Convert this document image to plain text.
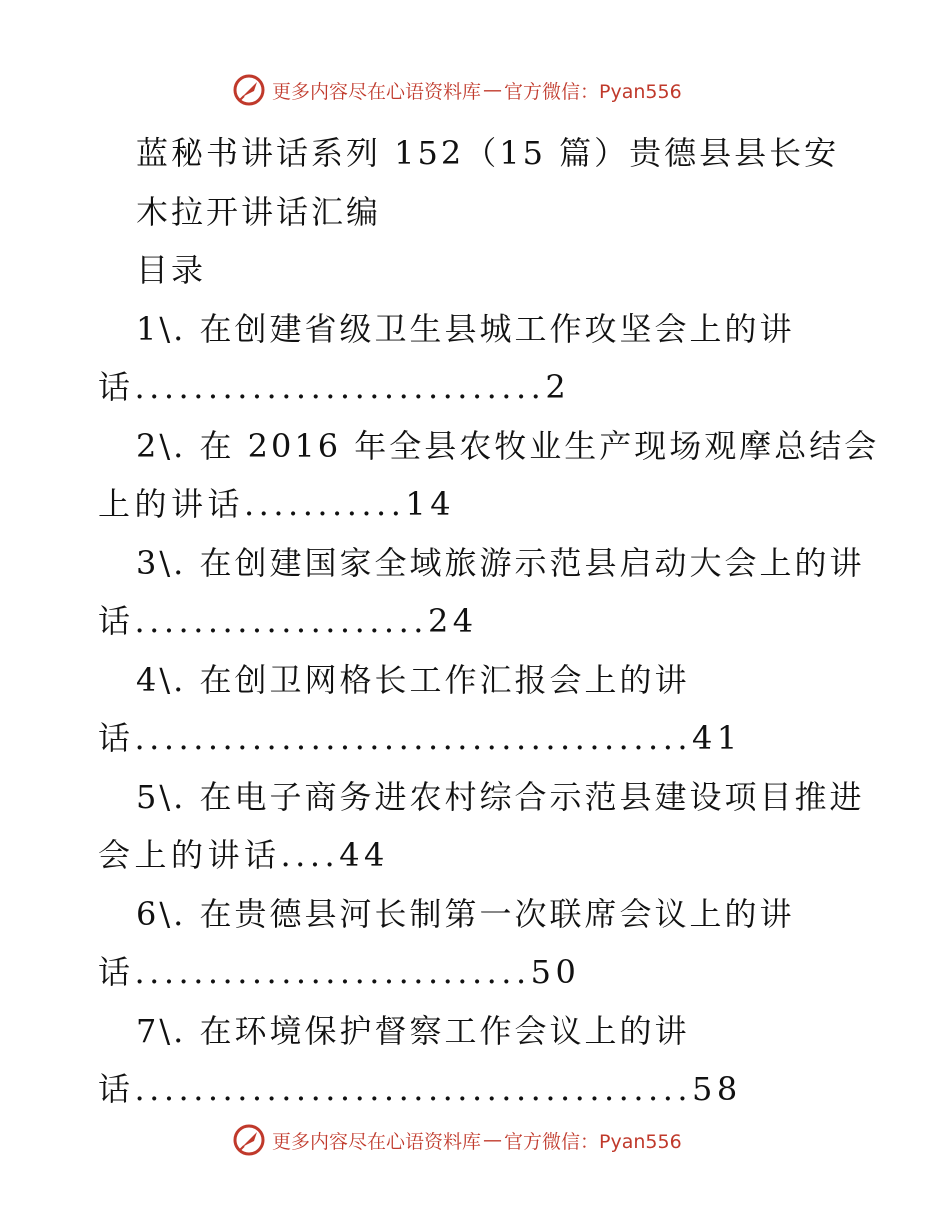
更多内容尽在心语资料库 — 官方微信：Pyan556
蓝秘书讲话系列 152（15 篇）贵德县县长安
木拉开讲话汇编
目录
1\. 在创建省级卫生县城工作攻坚会上的讲
话............................2
2\. 在 2016 年全县农牧业生产现场观摩总结会
上的讲话...........14
3\. 在创建国家全域旅游示范县启动大会上的讲
话....................24
4\. 在创卫网格长工作汇报会上的讲
话......................................41
5\. 在电子商务进农村综合示范县建设项目推进
会上的讲话....44
6\. 在贵德县河长制第一次联席会议上的讲
话...........................50
7\. 在环境保护督察工作会议上的讲
话......................................58
更多内容尽在心语资料库 — 官方微信：Pyan556
